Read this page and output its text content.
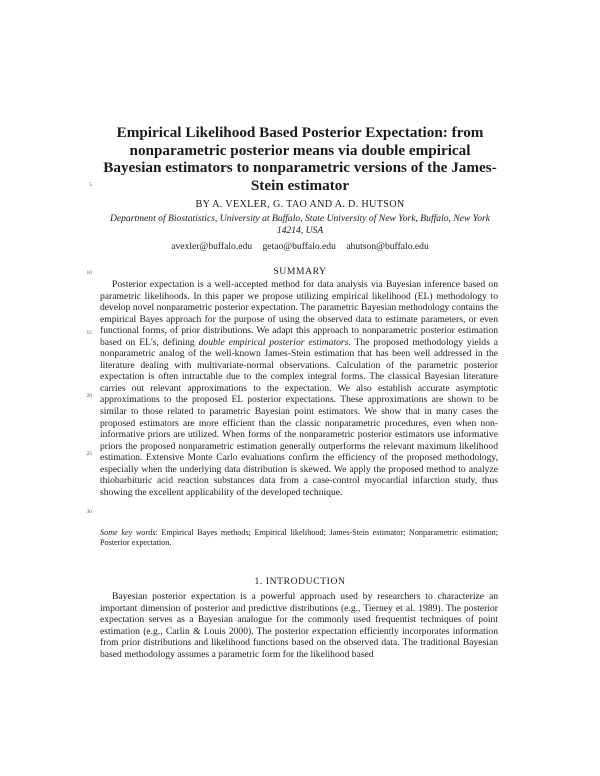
Empirical Likelihood Based Posterior Expectation: from nonparametric posterior means via double empirical Bayesian estimators to nonparametric versions of the James-Stein estimator
5
BY A. VEXLER, G. TAO AND A. D. HUTSON
Department of Biostatistics, University at Buffalo, State University of New York, Buffalo, New York 14214, USA
avexler@buffalo.edu getao@buffalo.edu ahutson@buffalo.edu
10	SUMMARY

Posterior expectation is a well-accepted method for data analysis via Bayesian inference based on parametric likelihoods. In this paper we propose utilizing empirical likelihood (EL) methodology to develop novel nonparametric posterior expectation. The parametric Bayesian methodology contains the empirical Bayes approach for the purpose of using the observed data to estimate parameters, or even functional forms, of prior distributions. We adapt this approach to nonparametric posterior estimation based on EL's, defining double empirical posterior estimators. The proposed methodology yields a nonparametric analog of the well-known James-Stein estimation that has been well addressed in the literature dealing with multivariate-normal observations. Calculation of the parametric posterior expectation is often intractable due to the complex integral forms. The classical Bayesian literature carries out relevant approximations to the expectation. We also establish accurate asymptotic approximations to the proposed EL posterior expectations. These approximations are shown to be similar to those related to parametric Bayesian point estimators. We show that in many cases the proposed estimators are more efficient than the classic nonparametric procedures, even when non-informative priors are utilized. When forms of the nonparametric posterior estimators use informative priors the proposed nonparametric estimation generally outperforms the relevant maximum likelihood estimation. Extensive Monte Carlo evaluations confirm the efficiency of the proposed methodology, especially when the underlying data distribution is skewed. We apply the proposed method to analyze thiobarbituric acid reaction substances data from a case-control myocardial infarction study, thus showing the excellent applicability of the developed technique.

15
20
25
30
Some key words: Empirical Bayes methods; Empirical likelihood; James-Stein estimator; Nonparametric estimation; Posterior expectation.
1. INTRODUCTION

Bayesian posterior expectation is a powerful approach used by researchers to characterize an important dimension of posterior and predictive distributions (e.g., Tierney et al. 1989). The posterior expectation serves as a Bayesian analogue for the commonly used frequentist techniques of point estimation (e.g., Carlin & Louis 2000). The posterior expectation efficiently incorporates information from prior distributions and likelihood functions based on the observed data. The traditional Bayesian based methodology assumes a parametric form for the likelihood based
